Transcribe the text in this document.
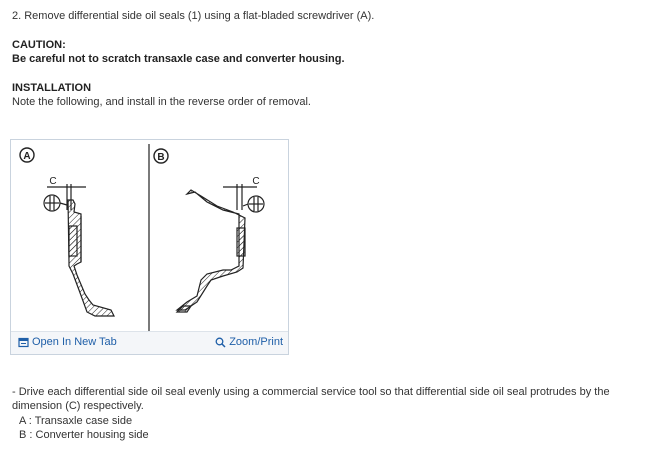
2. Remove differential side oil seals (1) using a flat-bladed screwdriver (A).
CAUTION:
Be careful not to scratch transaxle case and converter housing.
INSTALLATION
Note the following, and install in the reverse order of removal.
A
C
B
C
Open In New Tab	Zoom/Print
- Drive each differential side oil seal evenly using a commercial service tool so that differential side oil seal protrudes by the dimension (C) respectively.
A : Transaxle case side
B : Converter housing side
